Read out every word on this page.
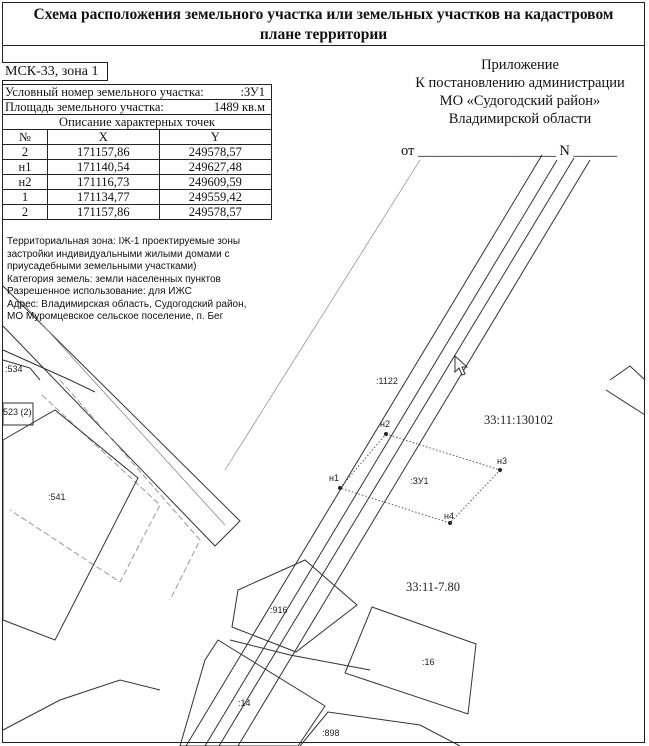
Схема расположения земельного участка или земельных участков на кадастровом
плане территории
МСК-33, зона 1
Условный номер земельного участка: :ЗУ1		

Площадь земельного участка: 1489 кв.м		

Описание характерных точек		
№	X	Y
2	171157,86	249578,57
н1	171140,54	249627,48
н2	171116,73	249609,59
1	171134,77	249559,42
2	171157,86	249578,57
Территориальная зона: IЖ-1 проектируемые зоны
застройки индивидуальными жилыми домами с
приусадебными земельными участками)
Категория земель: земли населенных пунктов
Разрешенное использование: для ИЖС
Адрес: Владимирская область, Судогодский район,
МО Муромцевское сельское поселение, п. Бег
Приложение
К постановлению администрации
МО «Судогодский район»
Владимирской области
от ___________________ N ______
:534
523 (2)
:541
:1122
:916
:16
:14
:898
:ЗУ1
33:11:130102
33:11-7.80
н1
н2
н3
н4
